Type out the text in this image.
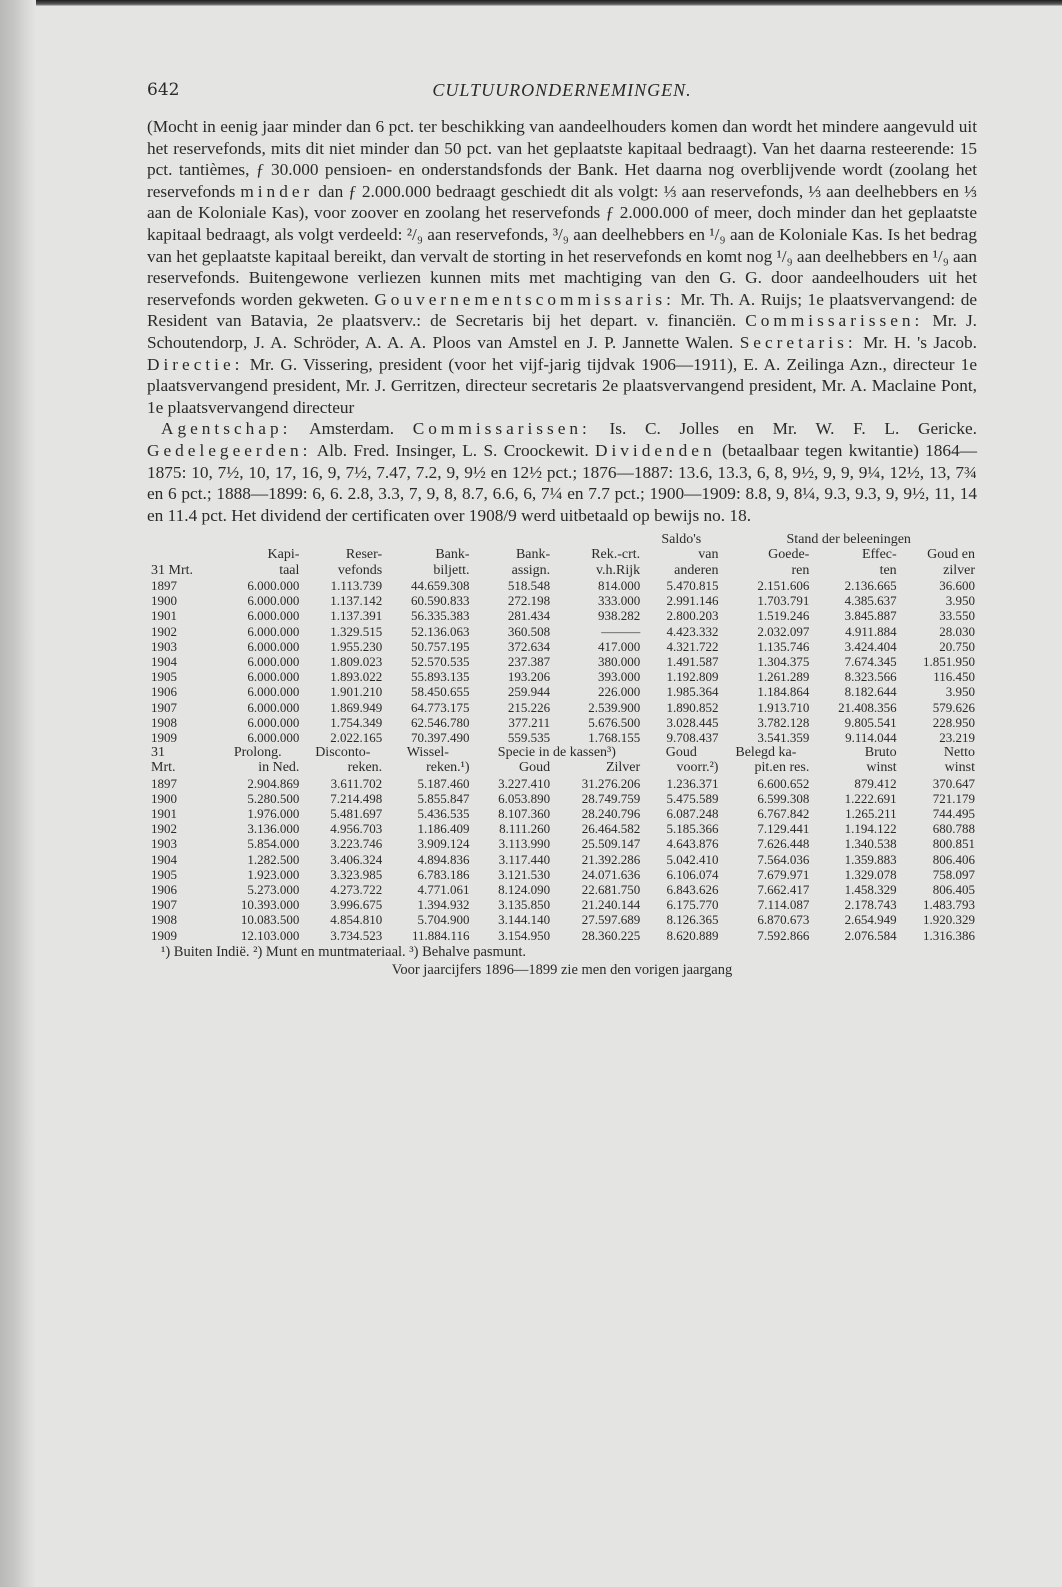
642	CULTUURONDERNEMINGEN.

(Mocht in eenig jaar minder dan 6 pct. ter beschikking van aandeelhouders komen dan wordt het mindere aangevuld uit het reservefonds, mits dit niet minder dan 50 pct. van het geplaatste kapitaal bedraagt). Van het daarna resteerende: 15 pct. tantièmes, ƒ 30.000 pensioen- en onderstandsfonds der Bank. Het daarna nog overblijvende wordt (zoolang het reservefonds minder dan ƒ 2.000.000 bedraagt geschiedt dit als volgt: ⅓ aan reservefonds, ⅓ aan deelhebbers en ⅓ aan de Koloniale Kas), voor zoover en zoolang het reservefonds ƒ 2.000.000 of meer, doch minder dan het geplaatste kapitaal bedraagt, als volgt verdeeld: ²/₉ aan reservefonds, ³/₉ aan deelhebbers en ¹/₉ aan de Koloniale Kas. Is het bedrag van het geplaatste kapitaal bereikt, dan vervalt de storting in het reservefonds en komt nog ¹/₉ aan deelhebbers en ¹/₉ aan reservefonds. Buitengewone verliezen kunnen mits met machtiging van den G. G. door aandeelhouders uit het reservefonds worden gekweten. Gouvernementscommissaris: Mr. Th. A. Ruijs; 1e plaatsvervangend: de Resident van Batavia, 2e plaatsverv.: de Secretaris bij het depart. v. financiën. Commissarissen: Mr. J. Schoutendorp, J. A. Schröder, A. A. A. Ploos van Amstel en J. P. Jannette Walen. Secretaris: Mr. H. 's Jacob. Directie: Mr. G. Vissering, president (voor het vijf-jarig tijdvak 1906—1911), E. A. Zeilinga Azn., directeur 1e plaatsvervangend president, Mr. J. Gerritzen, directeur secretaris 2e plaatsvervangend president, Mr. A. Maclaine Pont, 1e plaatsvervangend directeur

Agentschap: Amsterdam. Commissarissen: Is. C. Jolles en Mr. W. F. L. Gericke. Gedelegeerden: Alb. Fred. Insinger, L. S. Croockewit. Dividenden (betaalbaar tegen kwitantie) 1864—1875: 10, 7½, 10, 17, 16, 9, 7½, 7.47, 7.2, 9, 9½ en 12½ pct.; 1876—1887: 13.6, 13.3, 6, 8, 9½, 9, 9, 9¼, 12½, 13, 7¾ en 6 pct.; 1888—1899: 6, 6. 2.8, 3.3, 7, 9, 8, 8.7, 6.6, 6, 7¼ en 7.7 pct.; 1900—1909: 8.8, 9, 8¼, 9.3, 9.3, 9, 9½, 11, 14 en 11.4 pct. Het dividend der certificaten over 1908/9 werd uitbetaald op bewijs no. 18.

						Saldo's	Stand der beleeningen		
	Kapi-	Reser-	Bank-	Bank-	Rek.-crt.	van	Goede-	Effec-	Goud en
31 Mrt.	taal	vefonds	biljett.	assign.	v.h.Rijk	anderen	ren	ten	zilver
1897	6.000.000	1.113.739	44.659.308	518.548	814.000	5.470.815	2.151.606	2.136.665	36.600
1900	6.000.000	1.137.142	60.590.833	272.198	333.000	2.991.146	1.703.791	4.385.637	3.950
1901	6.000.000	1.137.391	56.335.383	281.434	938.282	2.800.203	1.519.246	3.845.887	33.550
1902	6.000.000	1.329.515	52.136.063	360.508	———	4.423.332	2.032.097	4.911.884	28.030
1903	6.000.000	1.955.230	50.757.195	372.634	417.000	4.321.722	1.135.746	3.424.404	20.750
1904	6.000.000	1.809.023	52.570.535	237.387	380.000	1.491.587	1.304.375	7.674.345	1.851.950
1905	6.000.000	1.893.022	55.893.135	193.206	393.000	1.192.809	1.261.289	8.323.566	116.450
1906	6.000.000	1.901.210	58.450.655	259.944	226.000	1.985.364	1.184.864	8.182.644	3.950
1907	6.000.000	1.869.949	64.773.175	215.226	2.539.900	1.890.852	1.913.710	21.408.356	579.626
1908	6.000.000	1.754.349	62.546.780	377.211	5.676.500	3.028.445	3.782.128	9.805.541	228.950
1909	6.000.000	2.022.165	70.397.490	559.535	1.768.155	9.708.437	3.541.359	9.114.044	23.219
31	Prolong.	Disconto-	Wissel-	Specie in de kassen³)		Goud	Belegd ka-	Bruto	Netto
Mrt.	in Ned.	reken.	reken.¹)	Goud	Zilver	voorr.²)	pit.en res.	winst	winst
1897	2.904.869	3.611.702	5.187.460	3.227.410	31.276.206	1.236.371	6.600.652	879.412	370.647
1900	5.280.500	7.214.498	5.855.847	6.053.890	28.749.759	5.475.589	6.599.308	1.222.691	721.179
1901	1.976.000	5.481.697	5.436.535	8.107.360	28.240.796	6.087.248	6.767.842	1.265.211	744.495
1902	3.136.000	4.956.703	1.186.409	8.111.260	26.464.582	5.185.366	7.129.441	1.194.122	680.788
1903	5.854.000	3.223.746	3.909.124	3.113.990	25.509.147	4.643.876	7.626.448	1.340.538	800.851
1904	1.282.500	3.406.324	4.894.836	3.117.440	21.392.286	5.042.410	7.564.036	1.359.883	806.406
1905	1.923.000	3.323.985	6.783.186	3.121.530	24.071.636	6.106.074	7.679.971	1.329.078	758.097
1906	5.273.000	4.273.722	4.771.061	8.124.090	22.681.750	6.843.626	7.662.417	1.458.329	806.405
1907	10.393.000	3.996.675	1.394.932	3.135.850	21.240.144	6.175.770	7.114.087	2.178.743	1.483.793
1908	10.083.500	4.854.810	5.704.900	3.144.140	27.597.689	8.126.365	6.870.673	2.654.949	1.920.329
1909	12.103.000	3.734.523	11.884.116	3.154.950	28.360.225	8.620.889	7.592.866	2.076.584	1.316.386
¹) Buiten Indië. ²) Munt en muntmateriaal. ³) Behalve pasmunt.
Voor jaarcijfers 1896—1899 zie men den vorigen jaargang
